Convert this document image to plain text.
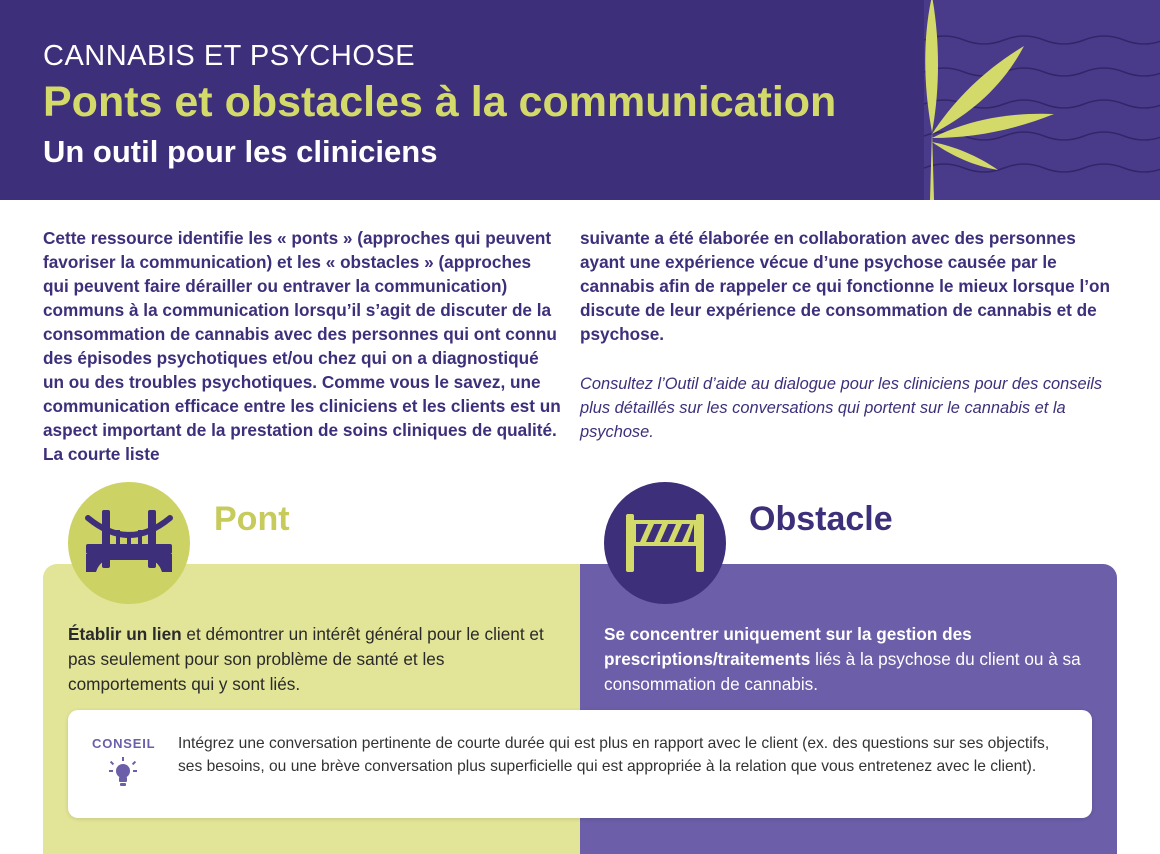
CANNABIS ET PSYCHOSE
Ponts et obstacles à la communication
Un outil pour les cliniciens

Cette ressource identifie les « ponts » (approches qui peuvent favoriser la communication) et les « obstacles » (approches qui peuvent faire dérailler ou entraver la communication) communs à la communication lorsqu’il s’agit de discuter de la consommation de cannabis avec des personnes qui ont connu des épisodes psychotiques et/ou chez qui on a diagnostiqué un ou des troubles psychotiques. Comme vous le savez, une communication efficace entre les cliniciens et les clients est un aspect important de la prestation de soins cliniques de qualité. La courte liste

suivante a été élaborée en collaboration avec des personnes ayant une expérience vécue d’une psychose causée par le cannabis afin de rappeler ce qui fonctionne le mieux lorsque l’on discute de leur expérience de consommation de cannabis et de psychose.

Consultez l’Outil d’aide au dialogue pour les cliniciens pour des conseils plus détaillés sur les conversations qui portent sur le cannabis et la psychose.

Pont	Obstacle

Établir un lien et démontrer un intérêt général pour le client et pas seulement pour son problème de santé et les comportements qui y sont liés.

Se concentrer uniquement sur la gestion des prescriptions/traitements liés à la psychose du client ou à sa consommation de cannabis.

CONSEIL Intégrez une conversation pertinente de courte durée qui est plus en rapport avec le client (ex. des questions sur ses objectifs, ses besoins, ou une brève conversation plus superficielle qui est appropriée à la relation que vous entretenez avec le client).
